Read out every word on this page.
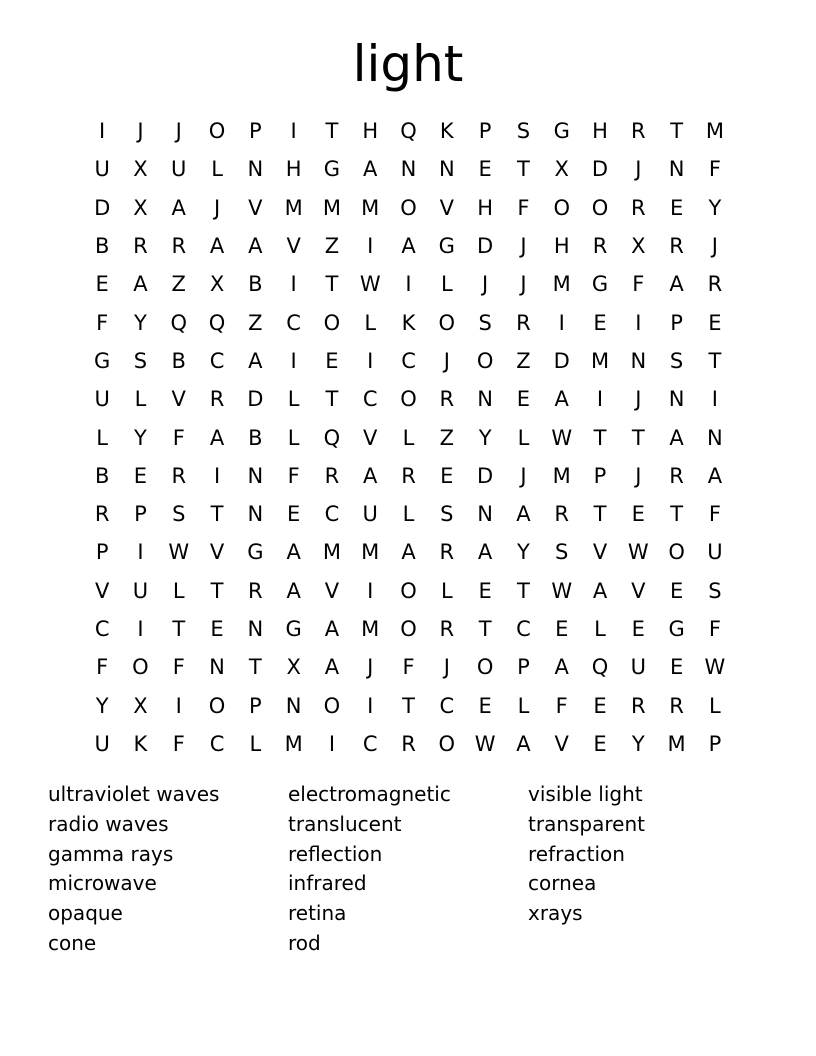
light
I	J	J	O	P	I	T	H	Q	K	P	S	G	H	R	T	M
U	X	U	L	N	H	G	A	N	N	E	T	X	D	J	N	F
D	X	A	J	V	M M M O	V	H	F	O	O	R	E	Y
B	R	R	A	A	V	Z	I	A	G	D	J	H	R	X	R	J
E	A	Z	X	B	I	T	W	I	L	J	J	M	G	F	A	R
F	Y	Q	Q	Z	C	O	L	K	O	S	R	I	E	I	P	E
G	S	B	C	A	I	E	I	C	J	O	Z	D	M	N	S	T
U	L	V	R	D	L	T	C	O	R	N	E	A	I	J	N	I
L	Y	F	A	B	L	Q	V	L	Z	Y	L	W	T	T	A	N
B	E	R	I	N	F	R	A	R	E	D	J	M	P	J	R	A
R	P	S	T	N	E	C	U	L	S	N	A	R	T	E	T	F
P	I	W V	G	A	M M	A	R	A	Y	S	V W O	U
V	U	L	T	R	A	V	I	O	L	E	T	W A	V	E	S
C	I	T	E	N	G	A	M O	R	T	C	E	L	E	G	F
F	O	F	N	T	X	A	J	F	J	O	P	A	Q	U	E	W
Y	X	I	O	P	N	O	I	T	C	E	L	F	E	R	R	L
U	K	F	C	L	M	I	C	R	O W A	V	E	Y	M	P
ultraviolet waves	electromagnetic	visible light
radio waves	translucent	transparent
gamma rays	reflection	refraction
microwave	infrared	cornea
opaque	retina	xrays
cone	rod
